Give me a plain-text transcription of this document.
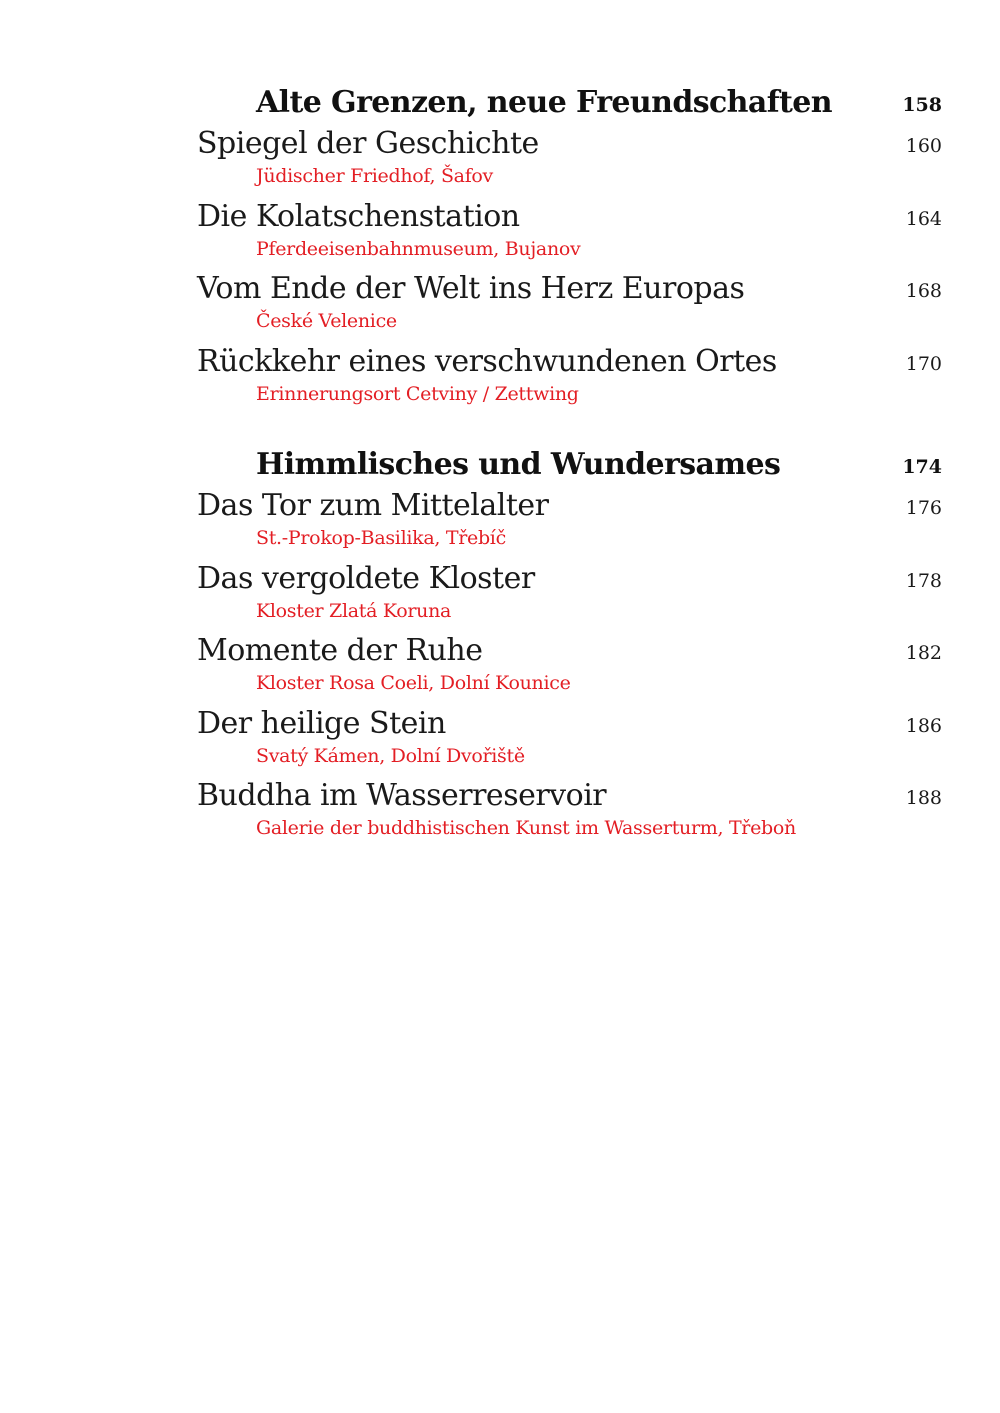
Alte Grenzen, neue Freundschaften	158
Spiegel der Geschichte	160
Jüdischer Friedhof, Šafov
Die Kolatschenstation	164
Pferdeeisenbahnmuseum, Bujanov
Vom Ende der Welt ins Herz Europas	168
České Velenice
Rückkehr eines verschwundenen Ortes	170
Erinnerungsort Cetviny / Zettwing
Himmlisches und Wundersames	174
Das Tor zum Mittelalter	176
St.-Prokop-Basilika, Třebíč
Das vergoldete Kloster	178
Kloster Zlatá Koruna
Momente der Ruhe	182
Kloster Rosa Coeli, Dolní Kounice
Der heilige Stein	186
Svatý Kámen, Dolní Dvořiště
Buddha im Wasserreservoir	188
Galerie der buddhistischen Kunst im Wasserturm, Třeboň
